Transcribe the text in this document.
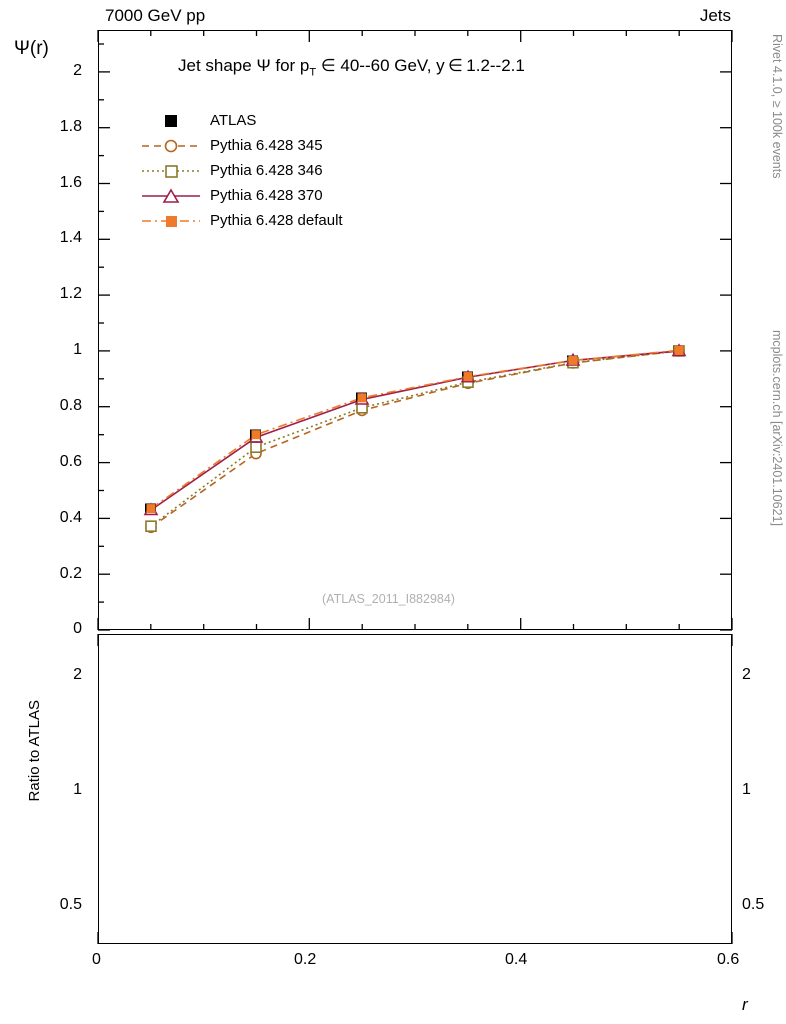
7000 GeV pp	Jets
Rivet 4.1.0, ≥ 100k events
mcplots.cern.ch [arXiv:2401.10621]
Ψ(r)
Ratio to ATLAS
r
2
1.8
1.6
1.4
1.2
1
0.8
0.6
0.4
0.2
0
2
1
0.5
2
1
0.5
0	0.2	0.4	0.6
Jet shape Ψ for $p_T$ ∈ 40--60 GeV, y ∈ 1.2--2.1
(ATLAS_2011_I882984)
ATLAS
Pythia 6.428 345
Pythia 6.428 346
Pythia 6.428 370
Pythia 6.428 default
